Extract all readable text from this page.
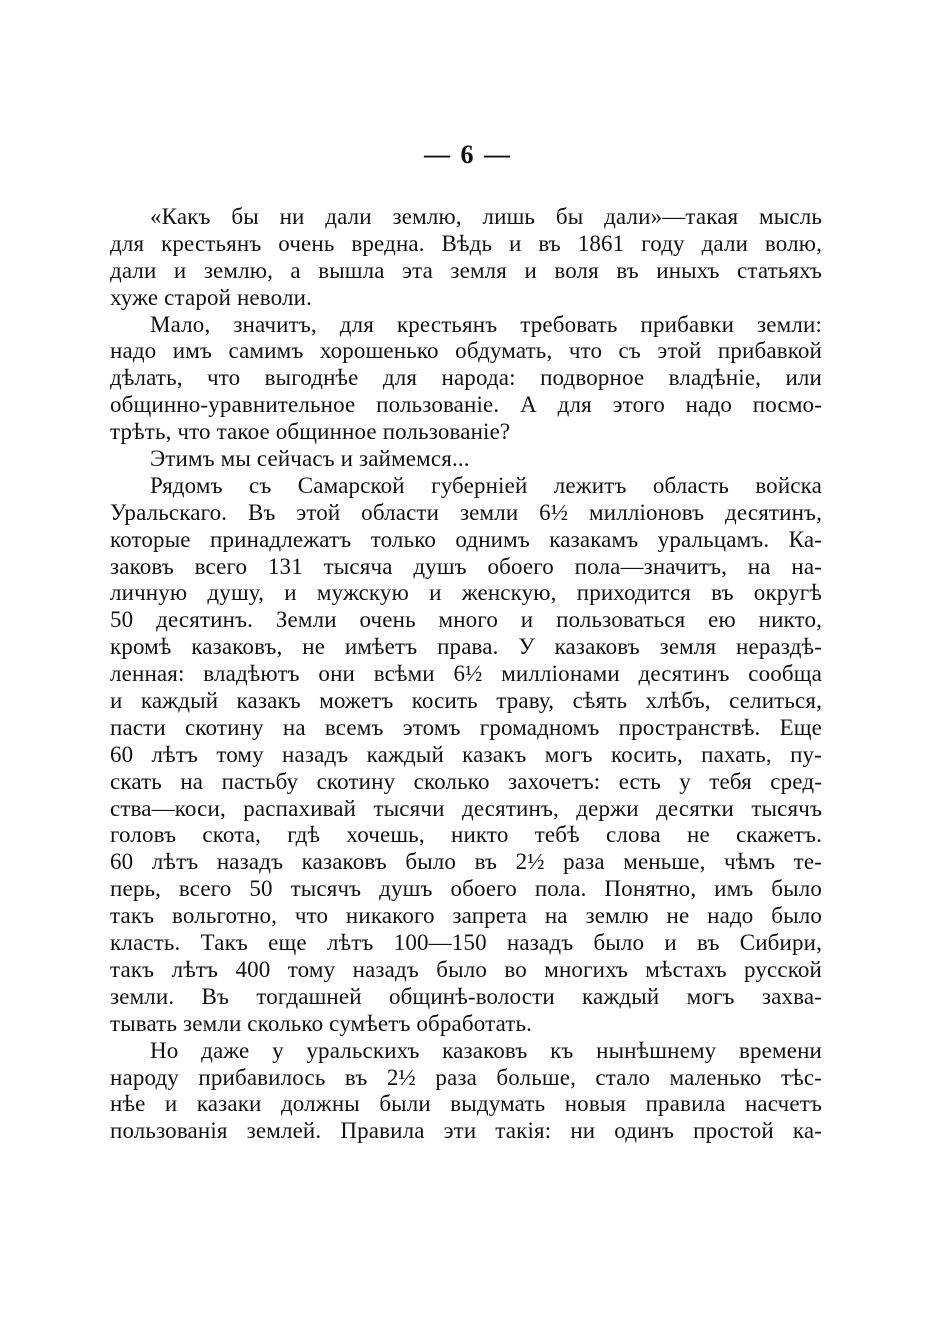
— 6 —
«Какъ бы ни дали землю, лишь бы дали»—такая мысль
для крестьянъ очень вредна. Вѣдь и въ 1861 году дали волю,
дали и землю, а вышла эта земля и воля въ иныхъ статьяхъ
хуже старой неволи.
Мало, значитъ, для крестьянъ требовать прибавки земли:
надо имъ самимъ хорошенько обдумать, что съ этой прибавкой
дѣлать, что выгоднѣе для народа: подворное владѣніе, или
общинно-уравнительное пользованіе. А для этого надо посмо-
трѣть, что такое общинное пользованіе?
Этимъ мы сейчасъ и займемся...
Рядомъ съ Самарской губерніей лежитъ область войска
Уральскаго. Въ этой области земли 6½ милліоновъ десятинъ,
которые принадлежатъ только однимъ казакамъ уральцамъ. Ка-
заковъ всего 131 тысяча душъ обоего пола—значитъ, на на-
личную душу, и мужскую и женскую, приходится въ округѣ
50 десятинъ. Земли очень много и пользоваться ею никто,
кромѣ казаковъ, не имѣетъ права. У казаковъ земля нераздѣ-
ленная: владѣютъ они всѣми 6½ милліонами десятинъ сообща
и каждый казакъ можетъ косить траву, сѣять хлѣбъ, селиться,
пасти скотину на всемъ этомъ громадномъ пространствѣ. Еще
60 лѣтъ тому назадъ каждый казакъ могъ косить, пахать, пу-
скать на пастьбу скотину сколько захочетъ: есть у тебя сред-
ства—коси, распахивай тысячи десятинъ, держи десятки тысячъ
головъ скота, гдѣ хочешь, никто тебѣ слова не скажетъ.
60 лѣтъ назадъ казаковъ было въ 2½ раза меньше, чѣмъ те-
перь, всего 50 тысячъ душъ обоего пола. Понятно, имъ было
такъ вольготно, что никакого запрета на землю не надо было
класть. Такъ еще лѣтъ 100—150 назадъ было и въ Сибири,
такъ лѣтъ 400 тому назадъ было во многихъ мѣстахъ русской
земли. Въ тогдашней общинѣ-волости каждый могъ захва-
тывать земли сколько сумѣетъ обработать.
Но даже у уральскихъ казаковъ къ нынѣшнему времени
народу прибавилось въ 2½ раза больше, стало маленько тѣс-
нѣе и казаки должны были выдумать новыя правила насчетъ
пользованія землей. Правила эти такія: ни одинъ простой ка-
